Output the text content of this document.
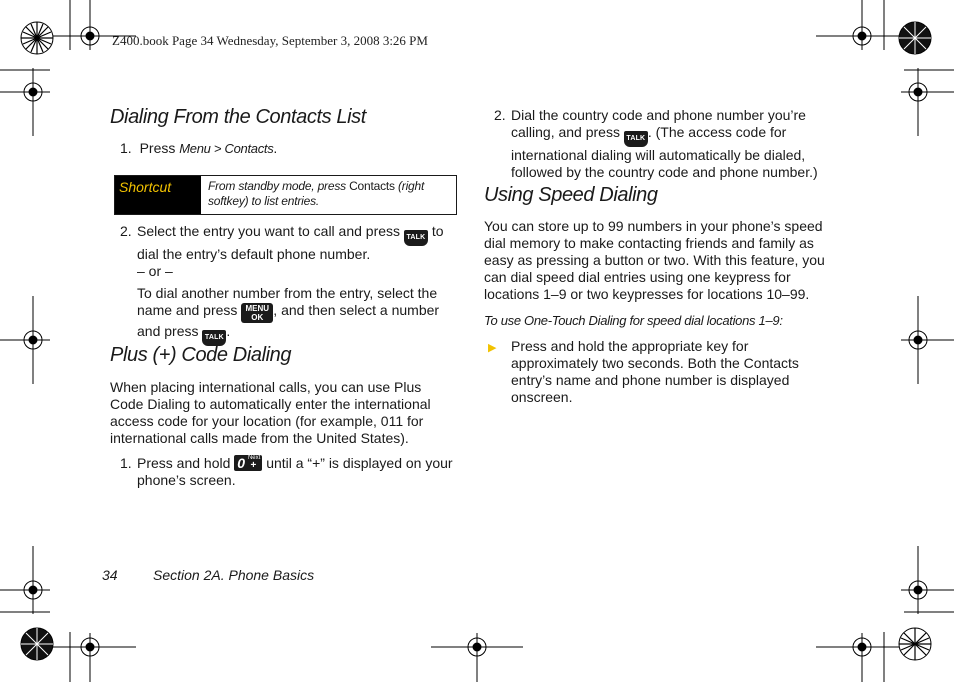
Z400.book Page 34 Wednesday, September 3, 2008 3:26 PM
Dialing From the Contacts List
1. Press Menu > Contacts.
Shortcut	From standby mode, press Contacts (right softkey) to list entries.
2. Select the entry you want to call and press TALK to dial the entry’s default phone number.
– or –
To dial another number from the entry, select the name and press MENU
OK , and then select a number and press TALK .
Plus (+) Code Dialing
When placing international calls, you can use Plus Code Dialing to automatically enter the international access code for your location (for example, 011 for international calls made from the United States).
1. Press and hold 0 Next
+ until a “+” is displayed on your phone’s screen.
2. Dial the country code and phone number you’re calling, and press TALK . (The access code for international dialing will automatically be dialed, followed by the country code and phone number.)
Using Speed Dialing
You can store up to 99 numbers in your phone’s speed dial memory to make contacting friends and family as easy as pressing a button or two. With this feature, you can dial speed dial entries using one keypress for locations 1–9 or two keypresses for locations 10–99.
To use One-Touch Dialing for speed dial locations 1–9:
▶ Press and hold the appropriate key for approximately two seconds. Both the Contacts entry’s name and phone number is displayed onscreen.
34	Section 2A. Phone Basics
